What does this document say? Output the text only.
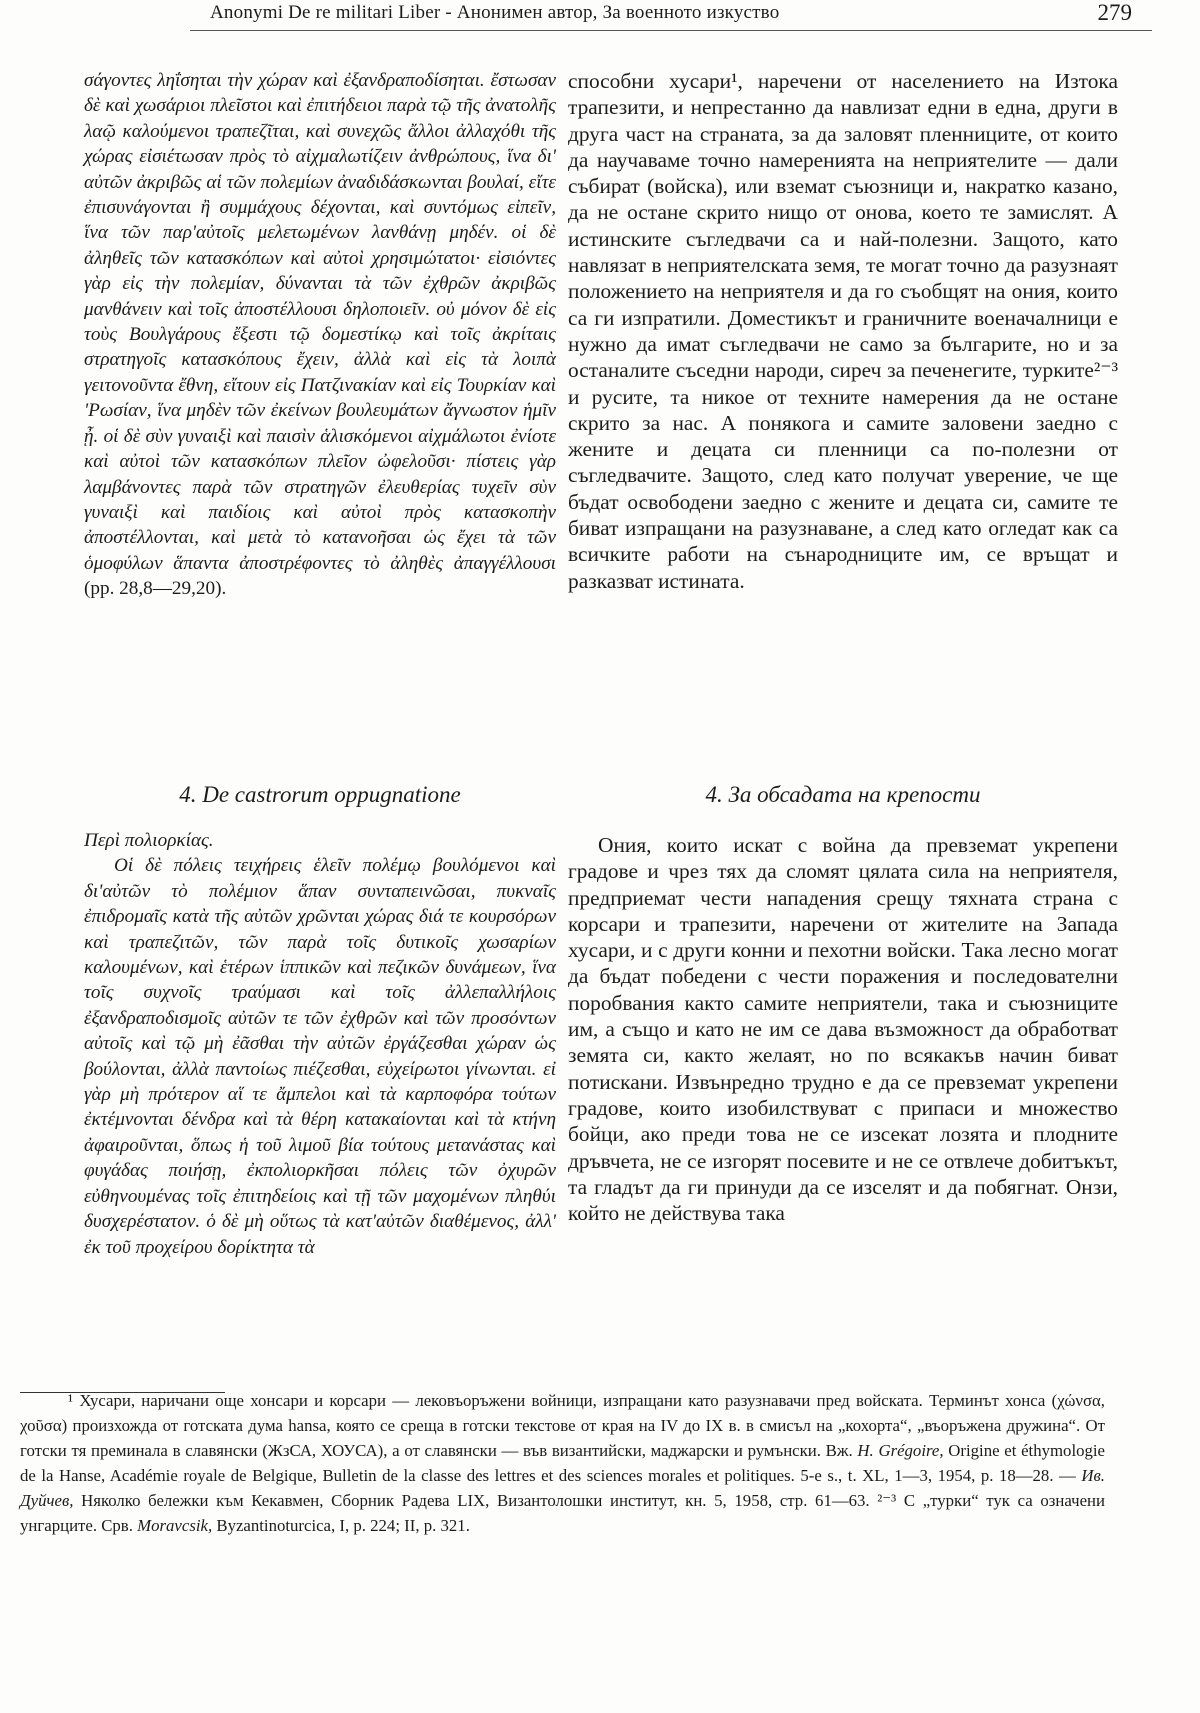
Anonymi De re militari Liber - Анонимен автор, За военното изкуство	279

σάγοντες ληΐσηται τὴν χώραν καὶ ἐξανδραποδίσηται. ἔστωσαν δὲ καὶ χωσάριοι πλεῖστοι καὶ ἐπιτήδειοι παρὰ τῷ τῆς ἀνατολῆς λαῷ καλούμενοι τραπεζῖται, καὶ συνεχῶς ἄλλοι ἀλλαχόθι τῆς χώρας εἰσιέτωσαν πρὸς τὸ αἰχμαλωτίζειν ἀνθρώπους, ἵνα δι' αὐτῶν ἀκριβῶς αἱ τῶν πολεμίων ἀναδιδάσκωνται βουλαί, εἴτε ἐπισυνάγονται ἢ συμμάχους δέχονται, καὶ συντόμως εἰπεῖν, ἵνα τῶν παρ'αὐτοῖς μελετωμένων λανθάνῃ μηδέν. οἱ δὲ ἀληθεῖς τῶν κατασκόπων καὶ αὐτοὶ χρησιμώτατοι· εἰσιόντες γὰρ εἰς τὴν πολεμίαν, δύνανται τὰ τῶν ἐχθρῶν ἀκριβῶς μανθάνειν καὶ τοῖς ἀποστέλλουσι δηλοποιεῖν. οὐ μόνον δὲ εἰς τοὺς Βουλγάρους ἔξεστι τῷ δομεστίκῳ καὶ τοῖς ἀκρίταις στρατηγοῖς κατασκόπους ἔχειν, ἀλλὰ καὶ εἰς τὰ λοιπὰ γειτονοῦντα ἔθνη, εἴτουν εἰς Πατζινακίαν καὶ εἰς Τουρκίαν καὶ 'Ρωσίαν, ἵνα μηδὲν τῶν ἐκείνων βουλευμάτων ἄγνωστον ἡμῖν ᾖ. οἱ δὲ σὺν γυναιξὶ καὶ παισὶν ἁλισκόμενοι αἰχμάλωτοι ἐνίοτε καὶ αὐτοὶ τῶν κατασκόπων πλεῖον ὠφελοῦσι· πίστεις γὰρ λαμβάνοντες παρὰ τῶν στρατηγῶν ἐλευθερίας τυχεῖν σὺν γυναιξὶ καὶ παιδίοις καὶ αὐτοὶ πρὸς κατασκοπὴν ἀποστέλλονται, καὶ μετὰ τὸ κατανοῆσαι ὡς ἔχει τὰ τῶν ὁμοφύλων ἅπαντα ἀποστρέφοντες τὸ ἀληθὲς ἀπαγγέλλουσι (pp. 28,8—29,20).

способни хусари¹, наречени от населението на Изтока трапезити, и непрестанно да навлизат едни в една, други в друга част на страната, за да заловят пленниците, от които да научаваме точно намеренията на неприятелите — дали събират (войска), или вземат съюзници и, накратко казано, да не остане скрито нищо от онова, което те замислят. А истинските съгледвачи са и най-полезни. Защото, като навлязат в неприятелската земя, те могат точно да разузнаят положението на неприятеля и да го съобщят на ония, които са ги изпратили. Доместикът и граничните военачалници е нужно да имат съгледвачи не само за българите, но и за останалите съседни народи, сиреч за печенегите, турките²⁻³ и русите, та никое от техните намерения да не остане скрито за нас. А понякога и самите заловени заедно с жените и децата си пленници са по-полезни от съгледвачите. Защото, след като получат уверение, че ще бъдат освободени заедно с жените и децата си, самите те биват изпращани на разузнаване, а след като огледат как са всичките работи на сънародниците им, се връщат и разказват истината.

4. De castrorum oppugnatione	4. За обсадата на крепости
Περὶ πολιορκίας.

Οἱ δὲ πόλεις τειχήρεις ἑλεῖν πολέμῳ βουλόμενοι καὶ δι'αὐτῶν τὸ πολέμιον ἅπαν συνταπεινῶσαι, πυκναῖς ἐπιδρομαῖς κατὰ τῆς αὐτῶν χρῶνται χώρας διά τε κουρσόρων καὶ τραπεζιτῶν, τῶν παρὰ τοῖς δυτικοῖς χωσαρίων καλουμένων, καὶ ἑτέρων ἱππικῶν καὶ πεζικῶν δυνάμεων, ἵνα τοῖς συχνοῖς τραύμασι καὶ τοῖς ἀλλεπαλλήλοις ἐξανδραποδισμοῖς αὐτῶν τε τῶν ἐχθρῶν καὶ τῶν προσόντων αὐτοῖς καὶ τῷ μὴ ἐᾶσθαι τὴν αὐτῶν ἐργάζεσθαι χώραν ὡς βούλονται, ἀλλὰ παντοίως πιέζεσθαι, εὐχείρωτοι γίνωνται. εἰ γὰρ μὴ πρότερον αἵ τε ἄμπελοι καὶ τὰ καρποφόρα τούτων ἐκτέμνονται δένδρα καὶ τὰ θέρη κατακαίονται καὶ τὰ κτήνη ἀφαιροῦνται, ὅπως ἡ τοῦ λιμοῦ βία τούτους μετανάστας καὶ φυγάδας ποιήσῃ, ἐκπολιορκῆσαι πόλεις τῶν ὀχυρῶν εὐθηνουμένας τοῖς ἐπιτηδείοις καὶ τῇ τῶν μαχομένων πληθύι δυσχερέστατον. ὁ δὲ μὴ οὕτως τὰ κατ'αὐτῶν διαθέμενος, ἀλλ' ἐκ τοῦ προχείρου δορίκτητα τὰ

Ония, които искат с война да превземат укрепени градове и чрез тях да сломят цялата сила на неприятеля, предприемат чести нападения срещу тяхната страна с корсари и трапезити, наречени от жителите на Запада хусари, и с други конни и пехотни войски. Така лесно могат да бъдат победени с чести поражения и последователни поробвания както самите неприятели, така и съюзниците им, а също и като не им се дава възможност да обработват земята си, както желаят, но по всякакъв начин биват потискани. Извънредно трудно е да се превземат укрепени градове, които изобилствуват с припаси и множество бойци, ако преди това не се изсекат лозята и плодните дръвчета, не се изгорят посевите и не се отвлече добитъкът, та гладът да ги принуди да се изселят и да побягнат. Онзи, който не действува така

¹ Хусари, наричани още хонсари и корсари — лековъоръжени войници, изпращани като разузнавачи пред войската. Терминът хонса (χώνσα, χοῦσα) произхожда от готската дума hansa, която се среща в готски текстове от края на IV до IX в. в смисъл на „кохорта“, „въоръжена дружина“. От готски тя преминала в славянски (ЖзСА, ХОУСА), а от славянски — във византийски, маджарски и румънски. Вж. H. Grégoire, Origine et éthymologie de la Hanse, Académie royale de Belgique, Bulletin de la classe des lettres et des sciences morales et politiques. 5-e s., t. XL, 1—3, 1954, p. 18—28. — Ив. Дуйчев, Няколко бележки към Кекавмен, Сборник Радева LIX, Византолошки институт, кн. 5, 1958, стр. 61—63. ²⁻³ С „турки“ тук са означени унгарците. Срв. Moravcsik, Byzantinoturcica, I, p. 224; II, p. 321.
